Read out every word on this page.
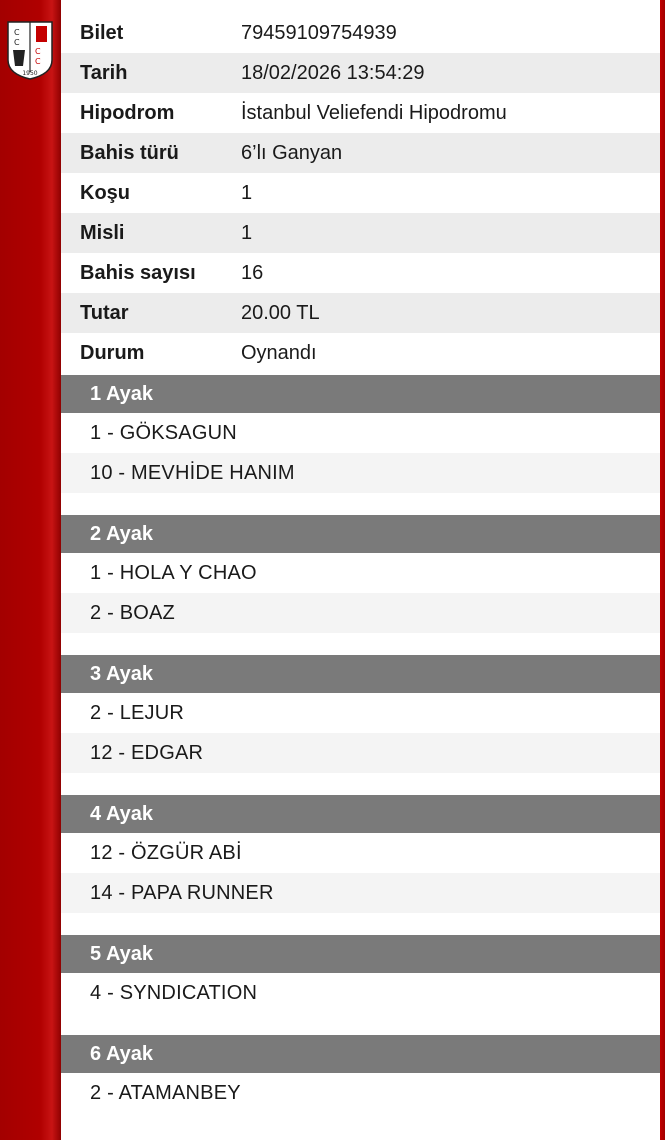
C
C
C
C
1950
Bilet	79459109754939
Tarih	18/02/2026 13:54:29
Hipodrom	İstanbul Veliefendi Hipodromu
Bahis türü	6’lı Ganyan
Koşu	1
Misli	1
Bahis sayısı	16
Tutar	20.00 TL
Durum	Oynandı
1 Ayak
1 - GÖKSAGUN
10 - MEVHİDE HANIM
2 Ayak
1 - HOLA Y CHAO
2 - BOAZ
3 Ayak
2 - LEJUR
12 - EDGAR
4 Ayak
12 - ÖZGÜR ABİ
14 - PAPA RUNNER
5 Ayak
4 - SYNDICATION
6 Ayak
2 - ATAMANBEY
